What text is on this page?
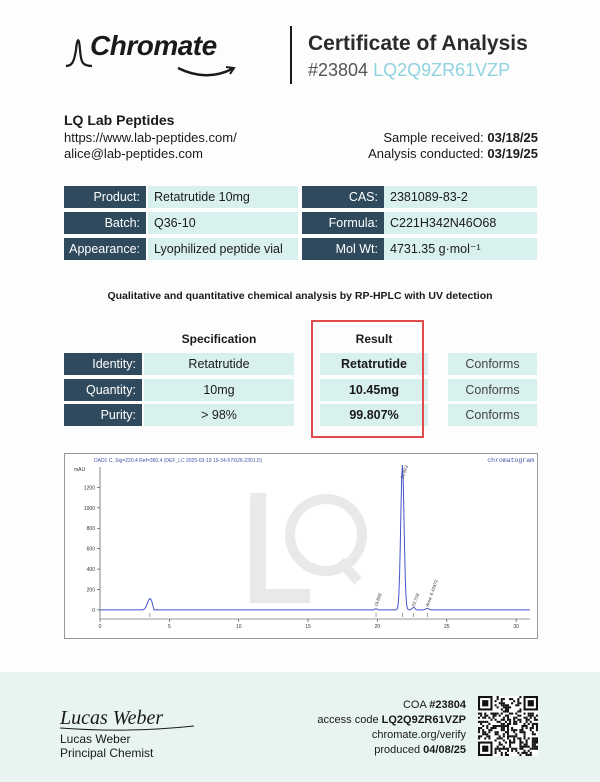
Chromate	Certificate of Analysis
#23804 LQ2Q9ZR61VZP
LQ Lab Peptides
https://www.lab-peptides.com/
alice@lab-peptides.com
Sample received: 03/18/25
Analysis conducted: 03/19/25
Product:	Retatrutide 10mg	CAS: 2381089-83-2
Batch:	Q36-10	Formula: C221H342N46O68
Appearance:	Lyophilized peptide vial	Mol Wt: 4731.35 g·mol⁻¹
Qualitative and quantitative chemical analysis by RP-HPLC with UV detection
Specification	Result
Identity:	Retatrutide	Retatrutide	Conforms
Quantity:	10mg	10.45mg	Conforms
Purity:	> 98%	99.807%	Conforms
DAD1 C, Sig=220,4 Ref=360,4 (DEF_LC 2025-03-19 19-34-57\026-2301.D)	chromatogram
mAU
0
200
400
600
800
1000
1200
0	5	10	15	20	25	30
19.808
21.823
22.718 Area: 6.42672
Lucas Weber
Lucas Weber
Principal Chemist
COA #23804
access code LQ2Q9ZR61VZP
chromate.org/verify
produced 04/08/25
